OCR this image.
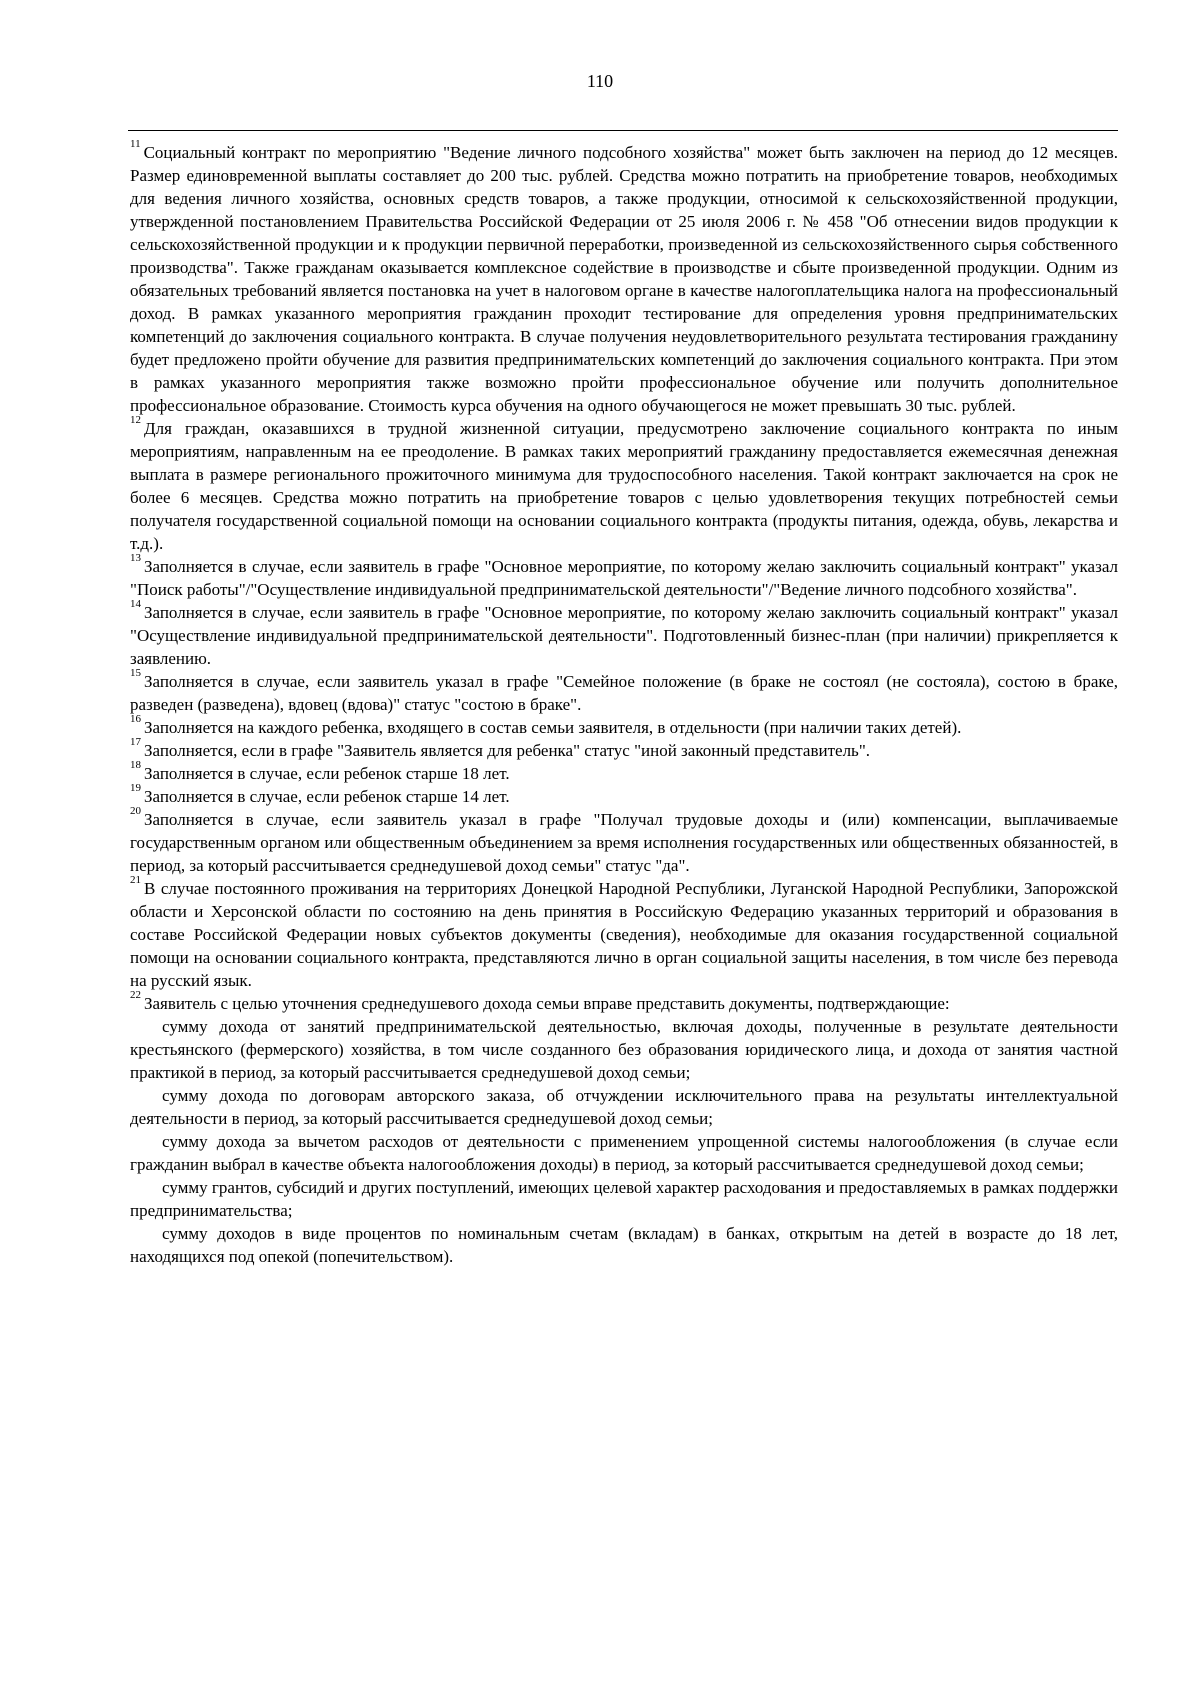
110

$^{11}$ Социальный контракт по мероприятию "Ведение личного подсобного хозяйства" может быть заключен на период до 12 месяцев. Размер единовременной выплаты составляет до 200 тыс. рублей. Средства можно потратить на приобретение товаров, необходимых для ведения личного хозяйства, основных средств товаров, а также продукции, относимой к сельскохозяйственной продукции, утвержденной постановлением Правительства Российской Федерации от 25 июля 2006 г. № 458 "Об отнесении видов продукции к сельскохозяйственной продукции и к продукции первичной переработки, произведенной из сельскохозяйственного сырья собственного производства". Также гражданам оказывается комплексное содействие в производстве и сбыте произведенной продукции. Одним из обязательных требований является постановка на учет в налоговом органе в качестве налогоплательщика налога на профессиональный доход. В рамках указанного мероприятия гражданин проходит тестирование для определения уровня предпринимательских компетенций до заключения социального контракта. В случае получения неудовлетворительного результата тестирования гражданину будет предложено пройти обучение для развития предпринимательских компетенций до заключения социального контракта. При этом в рамках указанного мероприятия также возможно пройти профессиональное обучение или получить дополнительное профессиональное образование. Стоимость курса обучения на одного обучающегося не может превышать 30 тыс. рублей.

$^{12}$ Для граждан, оказавшихся в трудной жизненной ситуации, предусмотрено заключение социального контракта по иным мероприятиям, направленным на ее преодоление. В рамках таких мероприятий гражданину предоставляется ежемесячная денежная выплата в размере регионального прожиточного минимума для трудоспособного населения. Такой контракт заключается на срок не более 6 месяцев. Средства можно потратить на приобретение товаров с целью удовлетворения текущих потребностей семьи получателя государственной социальной помощи на основании социального контракта (продукты питания, одежда, обувь, лекарства и т.д.).

$^{13}$ Заполняется в случае, если заявитель в графе "Основное мероприятие, по которому желаю заключить социальный контракт" указал "Поиск работы"/"Осуществление индивидуальной предпринимательской деятельности"/"Ведение личного подсобного хозяйства".

$^{14}$ Заполняется в случае, если заявитель в графе "Основное мероприятие, по которому желаю заключить социальный контракт" указал "Осуществление индивидуальной предпринимательской деятельности". Подготовленный бизнес-план (при наличии) прикрепляется к заявлению.

$^{15}$ Заполняется в случае, если заявитель указал в графе "Семейное положение (в браке не состоял (не состояла), состою в браке, разведен (разведена), вдовец (вдова)" статус "состою в браке".

$^{16}$ Заполняется на каждого ребенка, входящего в состав семьи заявителя, в отдельности (при наличии таких детей).

$^{17}$ Заполняется, если в графе "Заявитель является для ребенка" статус "иной законный представитель".

$^{18}$ Заполняется в случае, если ребенок старше 18 лет.

$^{19}$ Заполняется в случае, если ребенок старше 14 лет.

$^{20}$ Заполняется в случае, если заявитель указал в графе "Получал трудовые доходы и (или) компенсации, выплачиваемые государственным органом или общественным объединением за время исполнения государственных или общественных обязанностей, в период, за который рассчитывается среднедушевой доход семьи" статус "да".

$^{21}$ В случае постоянного проживания на территориях Донецкой Народной Республики, Луганской Народной Республики, Запорожской области и Херсонской области по состоянию на день принятия в Российскую Федерацию указанных территорий и образования в составе Российской Федерации новых субъектов документы (сведения), необходимые для оказания государственной социальной помощи на основании социального контракта, представляются лично в орган социальной защиты населения, в том числе без перевода на русский язык.

$^{22}$ Заявитель с целью уточнения среднедушевого дохода семьи вправе представить документы, подтверждающие:

сумму дохода от занятий предпринимательской деятельностью, включая доходы, полученные в результате деятельности крестьянского (фермерского) хозяйства, в том числе созданного без образования юридического лица, и дохода от занятия частной практикой в период, за который рассчитывается среднедушевой доход семьи;

сумму дохода по договорам авторского заказа, об отчуждении исключительного права на результаты интеллектуальной деятельности в период, за который рассчитывается среднедушевой доход семьи;

сумму дохода за вычетом расходов от деятельности с применением упрощенной системы налогообложения (в случае если гражданин выбрал в качестве объекта налогообложения доходы) в период, за который рассчитывается среднедушевой доход семьи;

сумму грантов, субсидий и других поступлений, имеющих целевой характер расходования и предоставляемых в рамках поддержки предпринимательства;

сумму доходов в виде процентов по номинальным счетам (вкладам) в банках, открытым на детей в возрасте до 18 лет, находящихся под опекой (попечительством).
